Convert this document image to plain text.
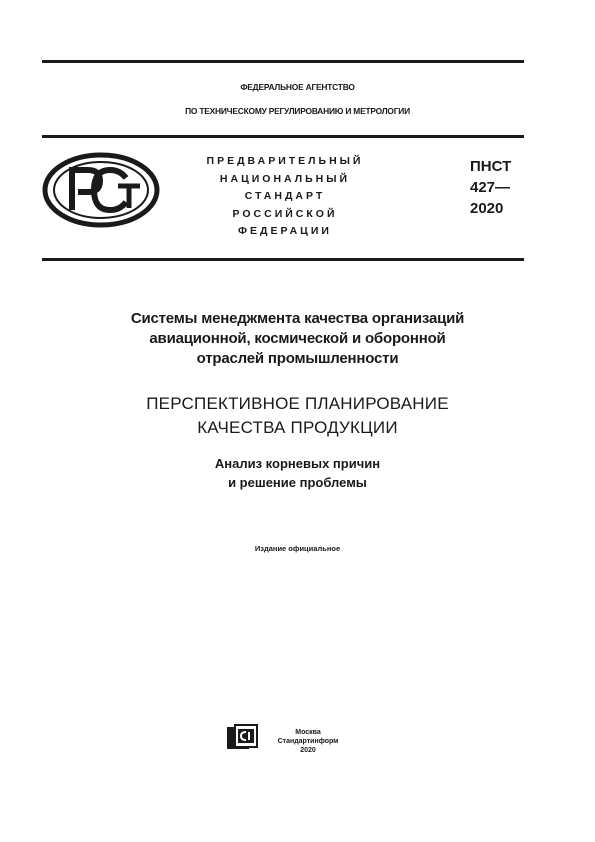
ФЕДЕРАЛЬНОЕ АГЕНТСТВО
ПО ТЕХНИЧЕСКОМУ РЕГУЛИРОВАНИЮ И МЕТРОЛОГИИ
ПРЕДВАРИТЕЛЬНЫЙ
НАЦИОНАЛЬНЫЙ
СТАНДАРТ
РОССИЙСКОЙ
ФЕДЕРАЦИИ
ПНСТ
427—
2020
Системы менеджмента качества организаций
авиационной, космической и оборонной
отраслей промышленности
ПЕРСПЕКТИВНОЕ ПЛАНИРОВАНИЕ
КАЧЕСТВА ПРОДУКЦИИ
Анализ корневых причин
и решение проблемы
Издание официальное
Москва
Стандартинформ
2020
